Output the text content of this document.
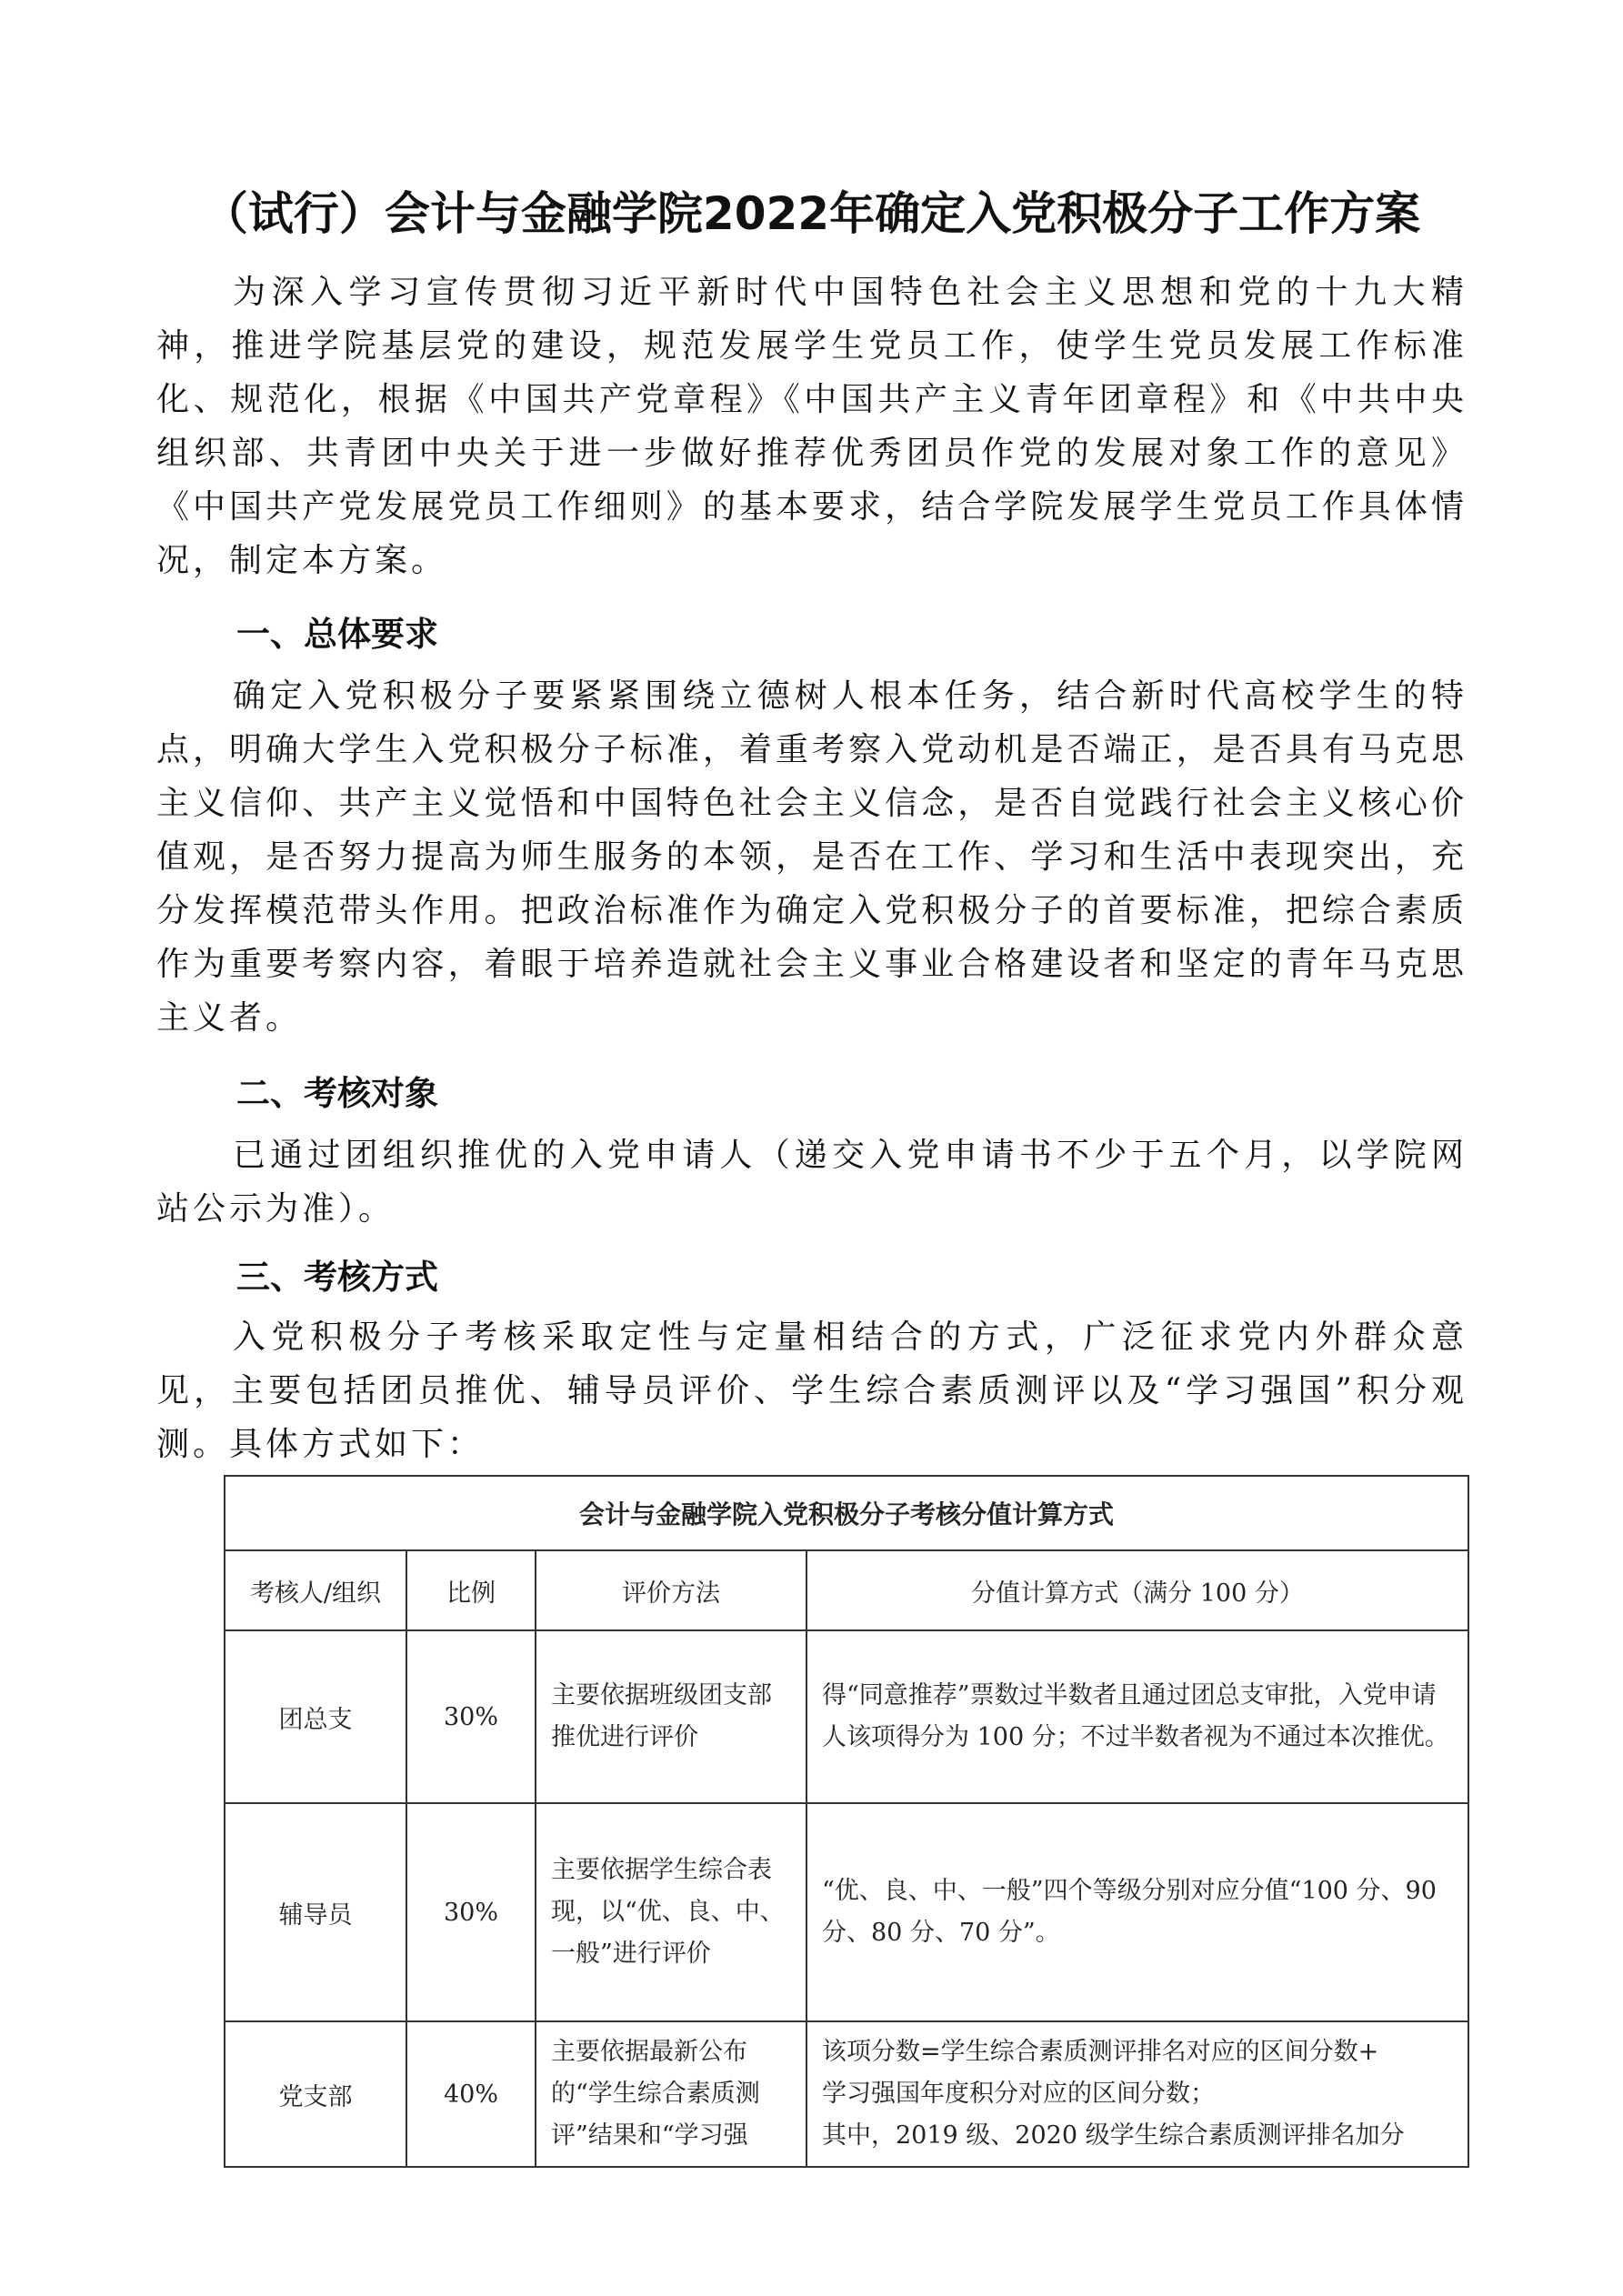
（试行）会计与金融学院2022年确定入党积极分子工作方案
为深入学习宣传贯彻习近平新时代中国特色社会主义思想和党的十九大精神，推进学院基层党的建设，规范发展学生党员工作，使学生党员发展工作标准化、规范化，根据《中国共产党章程》《中国共产主义青年团章程》和《中共中央组织部、共青团中央关于进一步做好推荐优秀团员作党的发展对象工作的意见》《中国共产党发展党员工作细则》的基本要求，结合学院发展学生党员工作具体情况，制定本方案。
一、总体要求
确定入党积极分子要紧紧围绕立德树人根本任务，结合新时代高校学生的特点，明确大学生入党积极分子标准，着重考察入党动机是否端正，是否具有马克思主义信仰、共产主义觉悟和中国特色社会主义信念，是否自觉践行社会主义核心价值观，是否努力提高为师生服务的本领，是否在工作、学习和生活中表现突出，充分发挥模范带头作用。把政治标准作为确定入党积极分子的首要标准，把综合素质作为重要考察内容，着眼于培养造就社会主义事业合格建设者和坚定的青年马克思主义者。
二、考核对象
已通过团组织推优的入党申请人（递交入党申请书不少于五个月，以学院网站公示为准）。
三、考核方式
入党积极分子考核采取定性与定量相结合的方式，广泛征求党内外群众意见，主要包括团员推优、辅导员评价、学生综合素质测评以及“学习强国”积分观测。具体方式如下：
会计与金融学院入党积极分子考核分值计算方式			
考核人/组织	比例	评价方法	分值计算方式（满分 100 分）
团总支	30%	主要依据班级团支部推优进行评价	得“同意推荐”票数过半数者且通过团总支审批，入党申请人该项得分为 100 分；不过半数者视为不通过本次推优。
辅导员	30%	主要依据学生综合表现，以“优、良、中、一般”进行评价	“优、良、中、一般”四个等级分别对应分值“100 分、90 分、80 分、70 分”。
党支部	40%	主要依据最新公布的“学生综合素质测评”结果和“学习强	该项分数=学生综合素质测评排名对应的区间分数+
学习强国年度积分对应的区间分数；
其中，2019 级、2020 级学生综合素质测评排名加分
